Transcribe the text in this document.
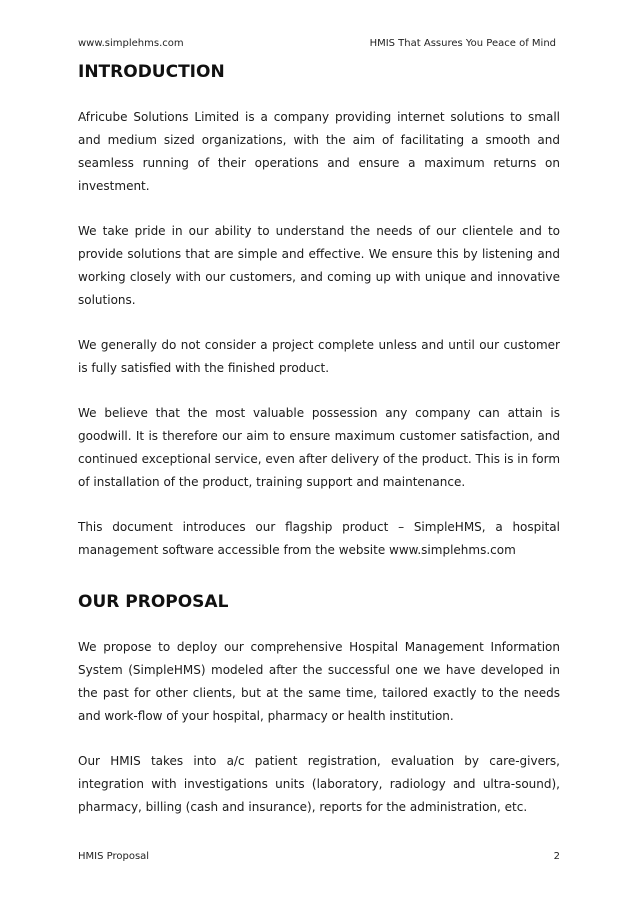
www.simplehms.com	HMIS That Assures You Peace of Mind
INTRODUCTION

Africube Solutions Limited is a company providing internet solutions to small and medium sized organizations, with the aim of facilitating a smooth and seamless running of their operations and ensure a maximum returns on investment.

We take pride in our ability to understand the needs of our clientele and to provide solutions that are simple and effective. We ensure this by listening and working closely with our customers, and coming up with unique and innovative solutions.

We generally do not consider a project complete unless and until our customer is fully satisfied with the finished product.

We believe that the most valuable possession any company can attain is goodwill. It is therefore our aim to ensure maximum customer satisfaction, and continued exceptional service, even after delivery of the product. This is in form of installation of the product, training support and maintenance.

This document introduces our flagship product – SimpleHMS, a hospital management software accessible from the website www.simplehms.com

OUR PROPOSAL

We propose to deploy our comprehensive Hospital Management Information System (SimpleHMS) modeled after the successful one we have developed in the past for other clients, but at the same time, tailored exactly to the needs and work-flow of your hospital, pharmacy or health institution.

Our HMIS takes into a/c patient registration, evaluation by care-givers, integration with investigations units (laboratory, radiology and ultra-sound), pharmacy, billing (cash and insurance), reports for the administration, etc.

HMIS Proposal	2
